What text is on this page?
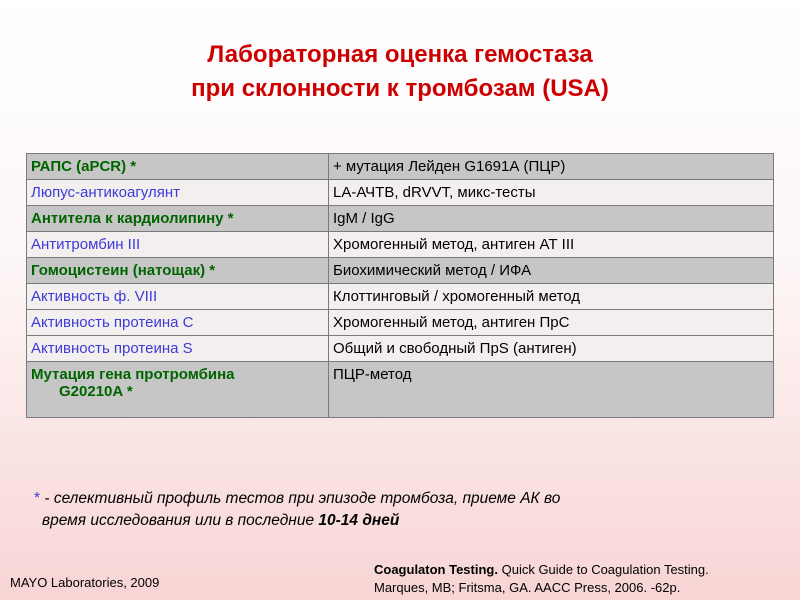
Лабораторная оценка гемостаза
при склонности к тромбозам (USA)
РАПС (aPCR) *	+ мутация Лейден G1691А (ПЦР)
Люпус-антикоагулянт	LA-АЧТВ, dRVVT, микс-тесты
Антитела к кардиолипину *	IgM / IgG
Антитромбин III	Хромогенный метод, антиген АТ III
Гомоцистеин (натощак) *	Биохимический метод / ИФА
Активность ф. VIII	Клоттинговый / хромогенный метод
Активность протеина С	Хромогенный метод, антиген ПрС
Активность протеина S	Общий и свободный ПрS (антиген)
Мутация гена протромбина
G20210A *	ПЦР-метод
* - селективный профиль тестов при эпизоде тромбоза, приеме АК во
время исследования или в последние 10-14 дней
MAYO Laboratories, 2009
Coagulaton Testing. Quick Guide to Coagulation Testing.
Marques, MB; Fritsma, GA. AACC Press, 2006. -62p.
